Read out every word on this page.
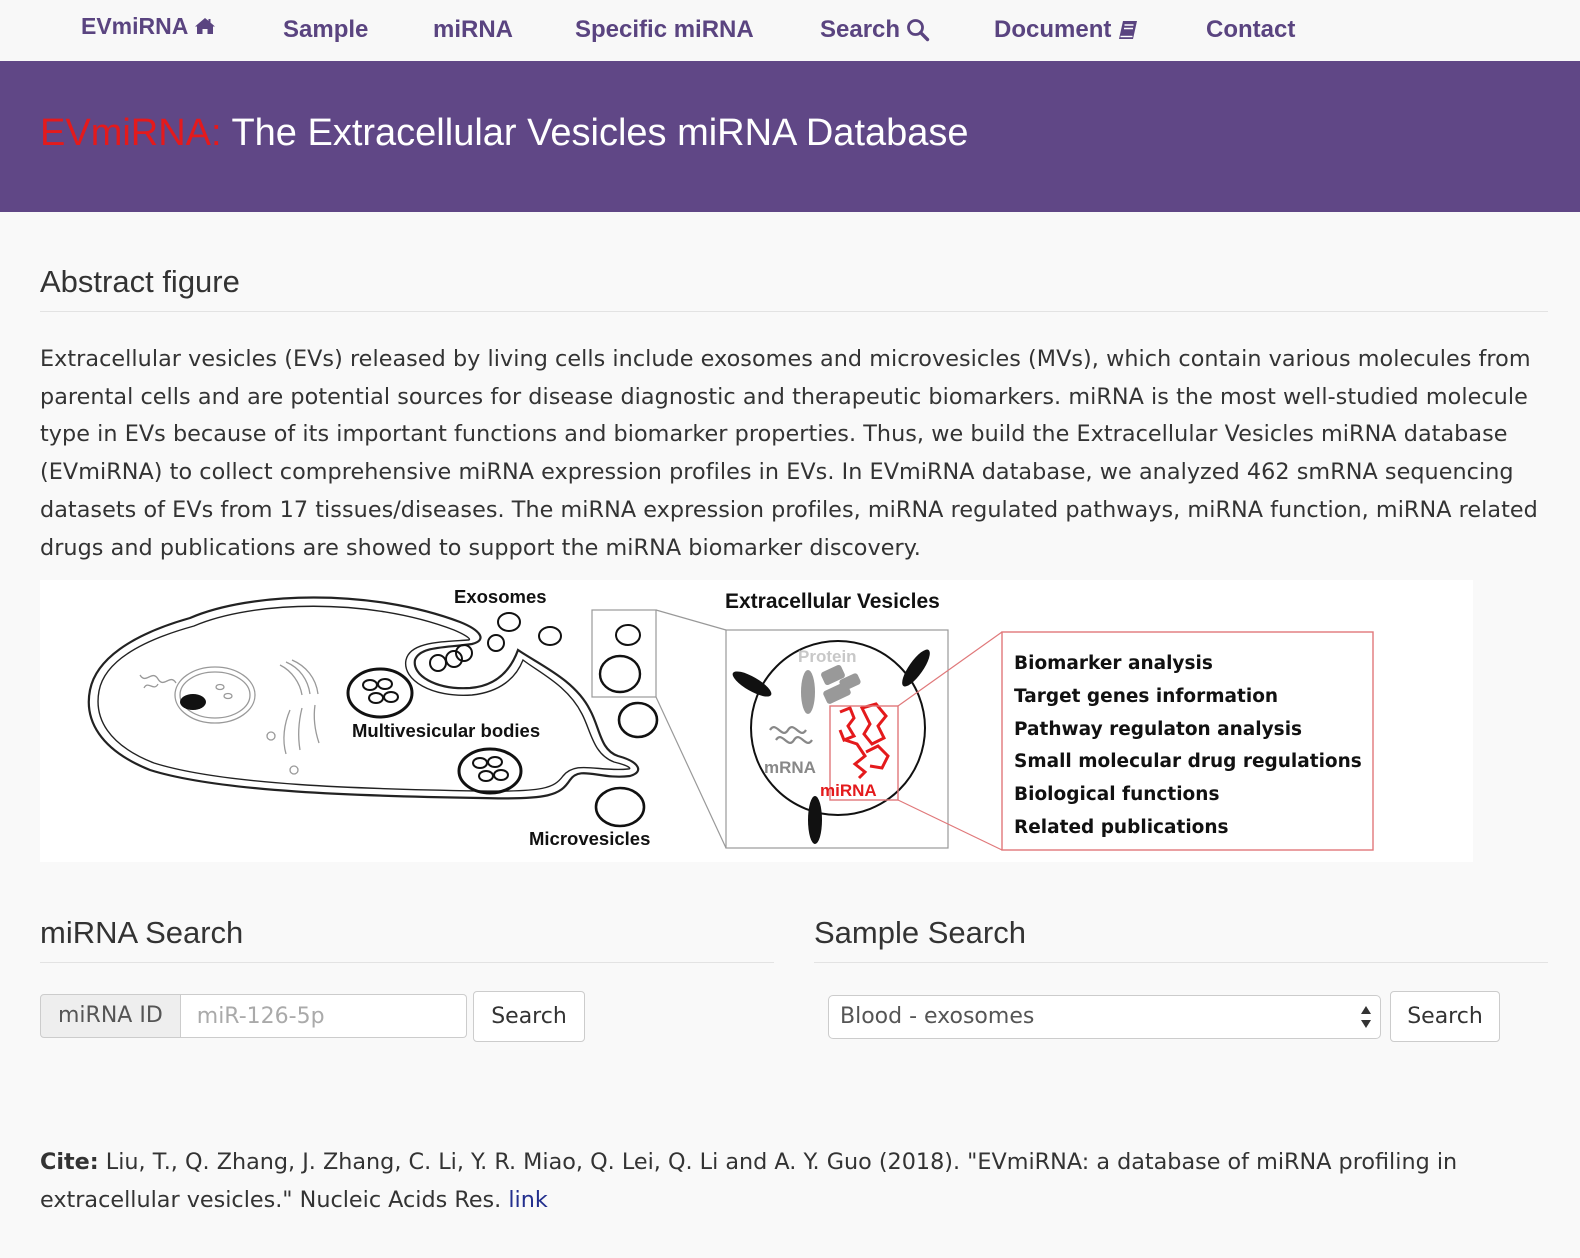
EVmiRNA	Sample	miRNA	Specific miRNA	Search	Document	Contact
EVmiRNA: The Extracellular Vesicles miRNA Database
Abstract figure

Extracellular vesicles (EVs) released by living cells include exosomes and microvesicles (MVs), which contain various molecules from parental cells and are potential sources for disease diagnostic and therapeutic biomarkers. miRNA is the most well-studied molecule type in EVs because of its important functions and biomarker properties. Thus, we build the Extracellular Vesicles miRNA database (EVmiRNA) to collect comprehensive miRNA expression profiles in EVs. In EVmiRNA database, we analyzed 462 smRNA sequencing datasets of EVs from 17 tissues/diseases. The miRNA expression profiles, miRNA regulated pathways, miRNA function, miRNA related drugs and publications are showed to support the miRNA biomarker discovery.

Exosomes
Multivesicular bodies
Microvesicles
Extracellular Vesicles
Protein
mRNA
miRNA
Biomarker analysis
Target genes information
Pathway regulaton analysis
Small molecular drug regulations
Biological functions
Related publications
miRNA Search
miRNA ID
miR-126-5p	Search
Sample Search
Blood - exosomes	Search

Cite: Liu, T., Q. Zhang, J. Zhang, C. Li, Y. R. Miao, Q. Lei, Q. Li and A. Y. Guo (2018). "EVmiRNA: a database of miRNA profiling in extracellular vesicles." Nucleic Acids Res. link
